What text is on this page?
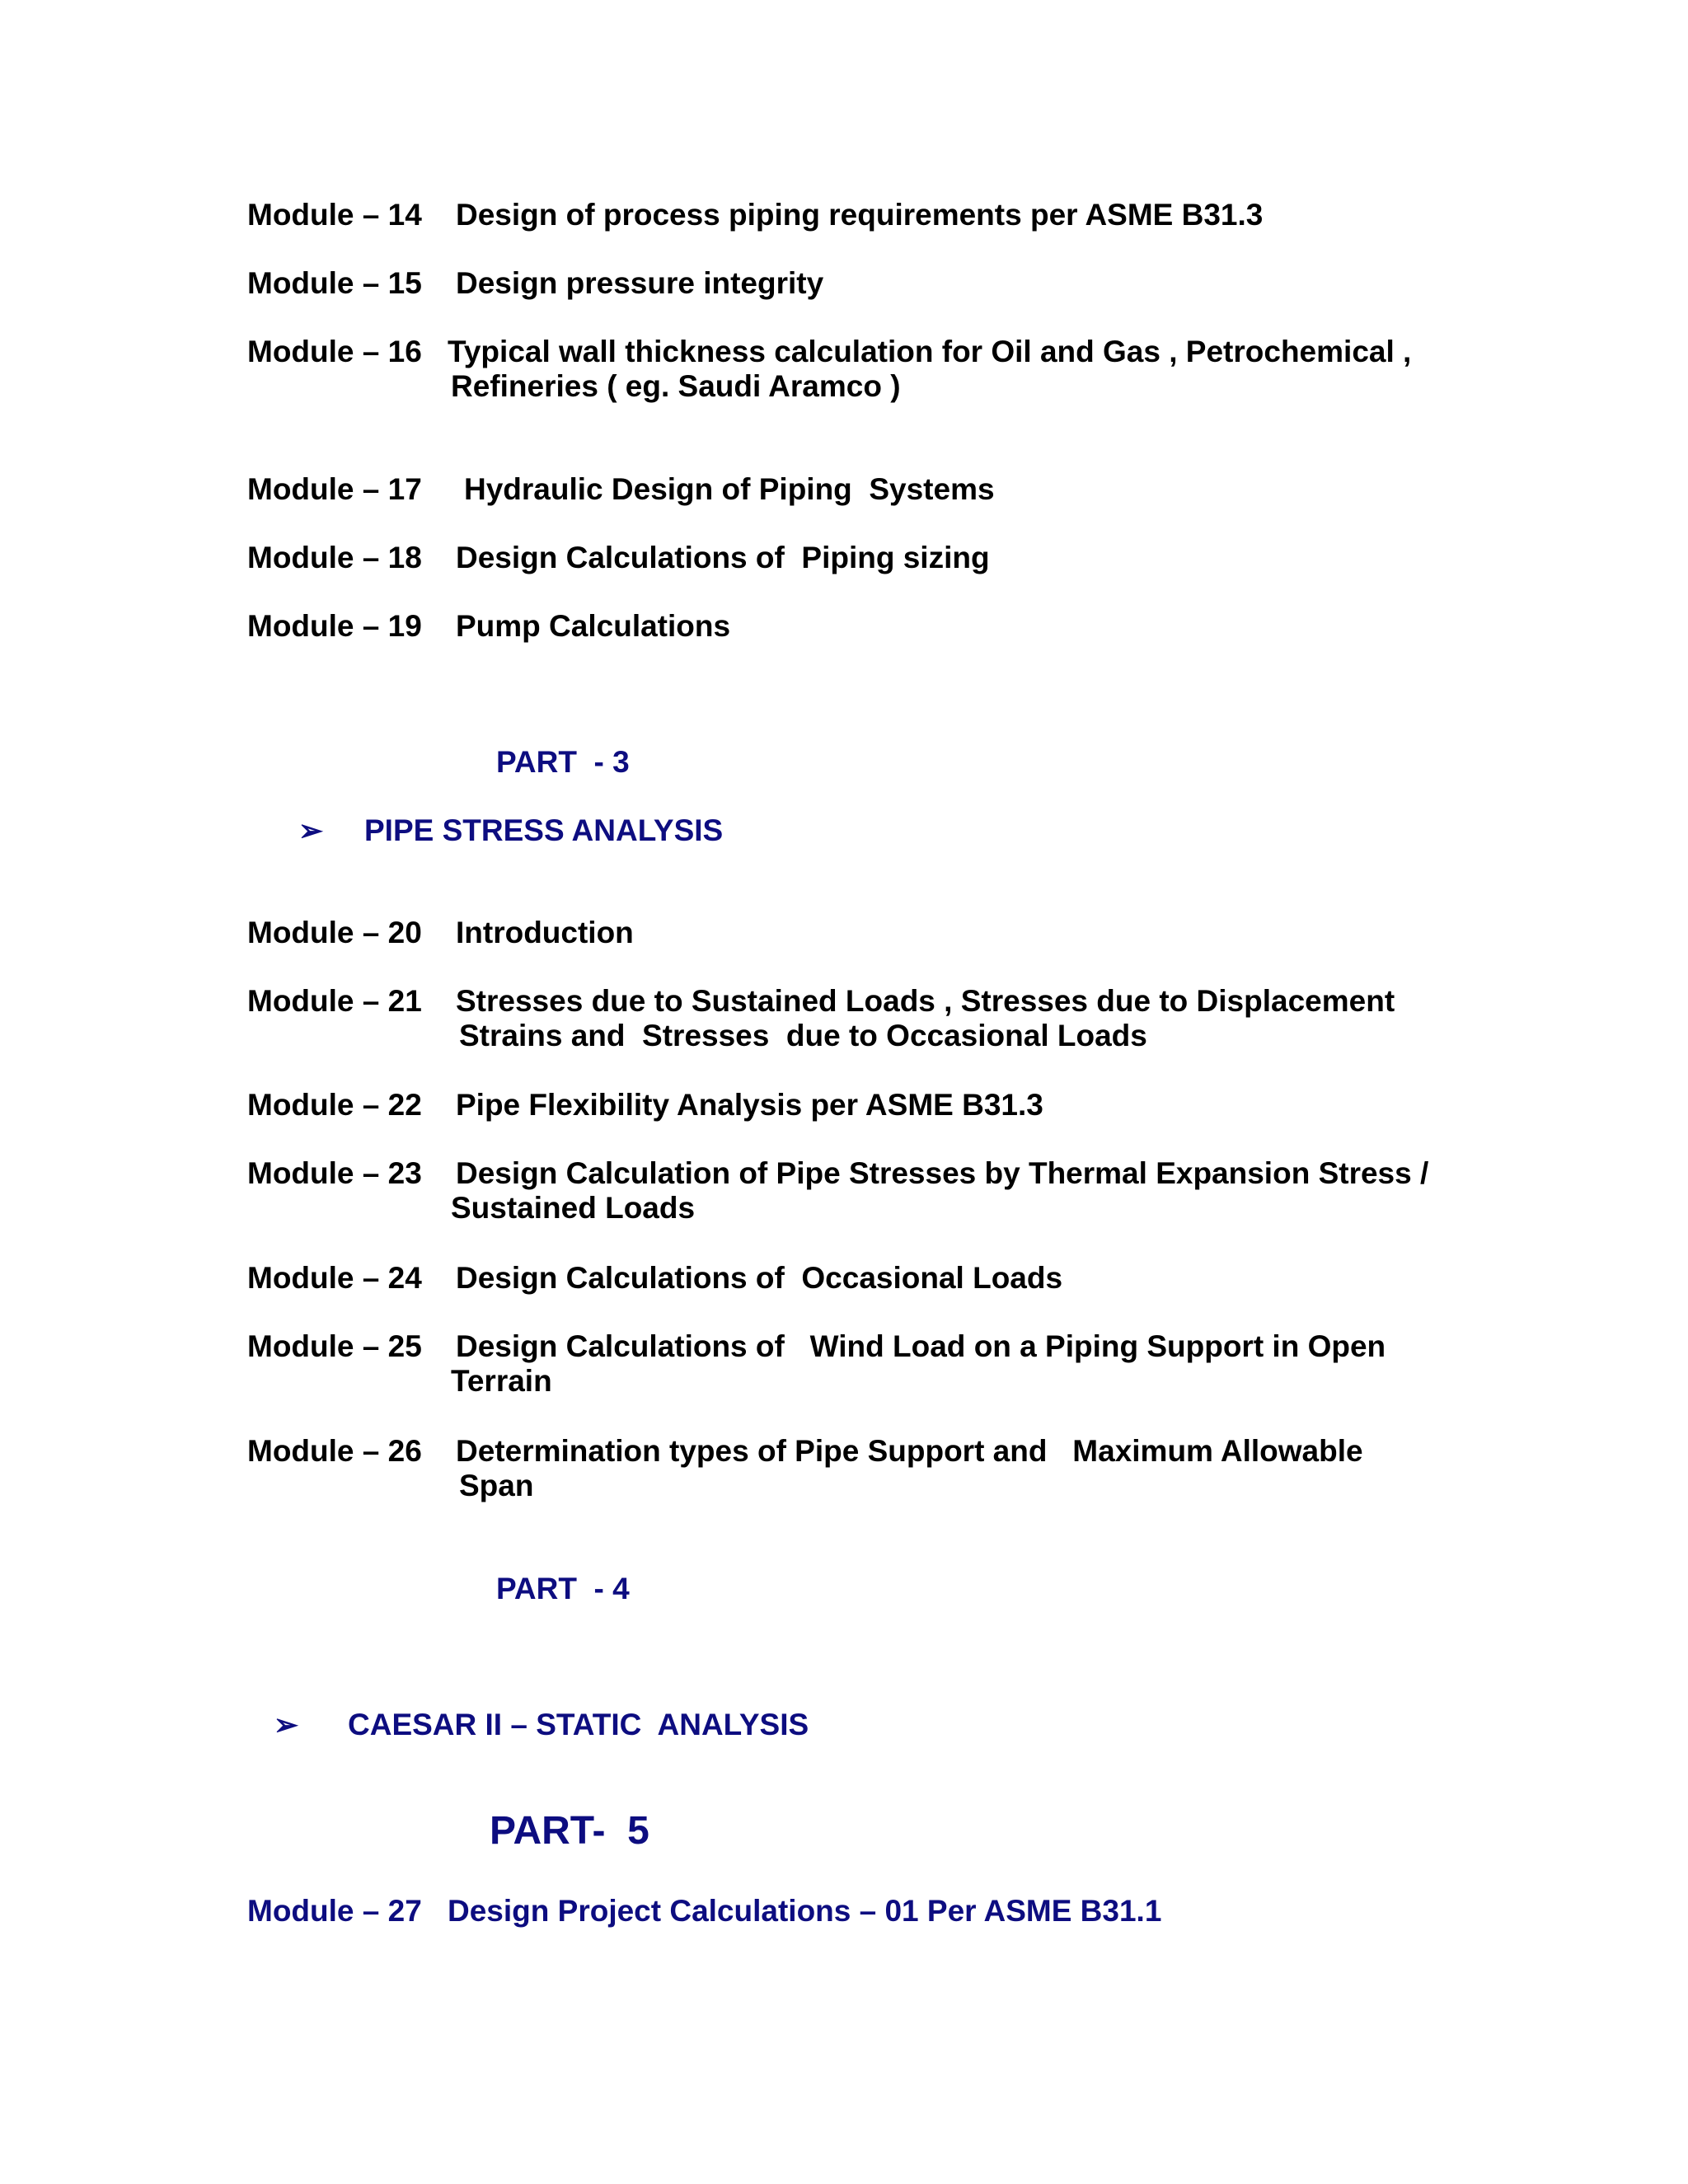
Module – 14 Design of process piping requirements per ASME B31.3
Module – 15 Design pressure integrity
Module – 16 Typical wall thickness calculation for Oil and Gas , Petrochemical ,
Refineries ( eg. Saudi Aramco )
Module – 17 Hydraulic Design of Piping  Systems
Module – 18 Design Calculations of  Piping sizing
Module – 19 Pump Calculations
PART  - 3
➢ PIPE STRESS ANALYSIS
Module – 20 Introduction
Module – 21 Stresses due to Sustained Loads , Stresses due to Displacement
Strains and  Stresses  due to Occasional Loads
Module – 22 Pipe Flexibility Analysis per ASME B31.3
Module – 23 Design Calculation of Pipe Stresses by Thermal Expansion Stress /
Sustained Loads
Module – 24 Design Calculations of  Occasional Loads
Module – 25 Design Calculations of   Wind Load on a Piping Support in Open
Terrain
Module – 26 Determination types of Pipe Support and   Maximum Allowable
Span
PART  - 4
➢ CAESAR II – STATIC  ANALYSIS
PART-  5
Module – 27 Design Project Calculations – 01 Per ASME B31.1
